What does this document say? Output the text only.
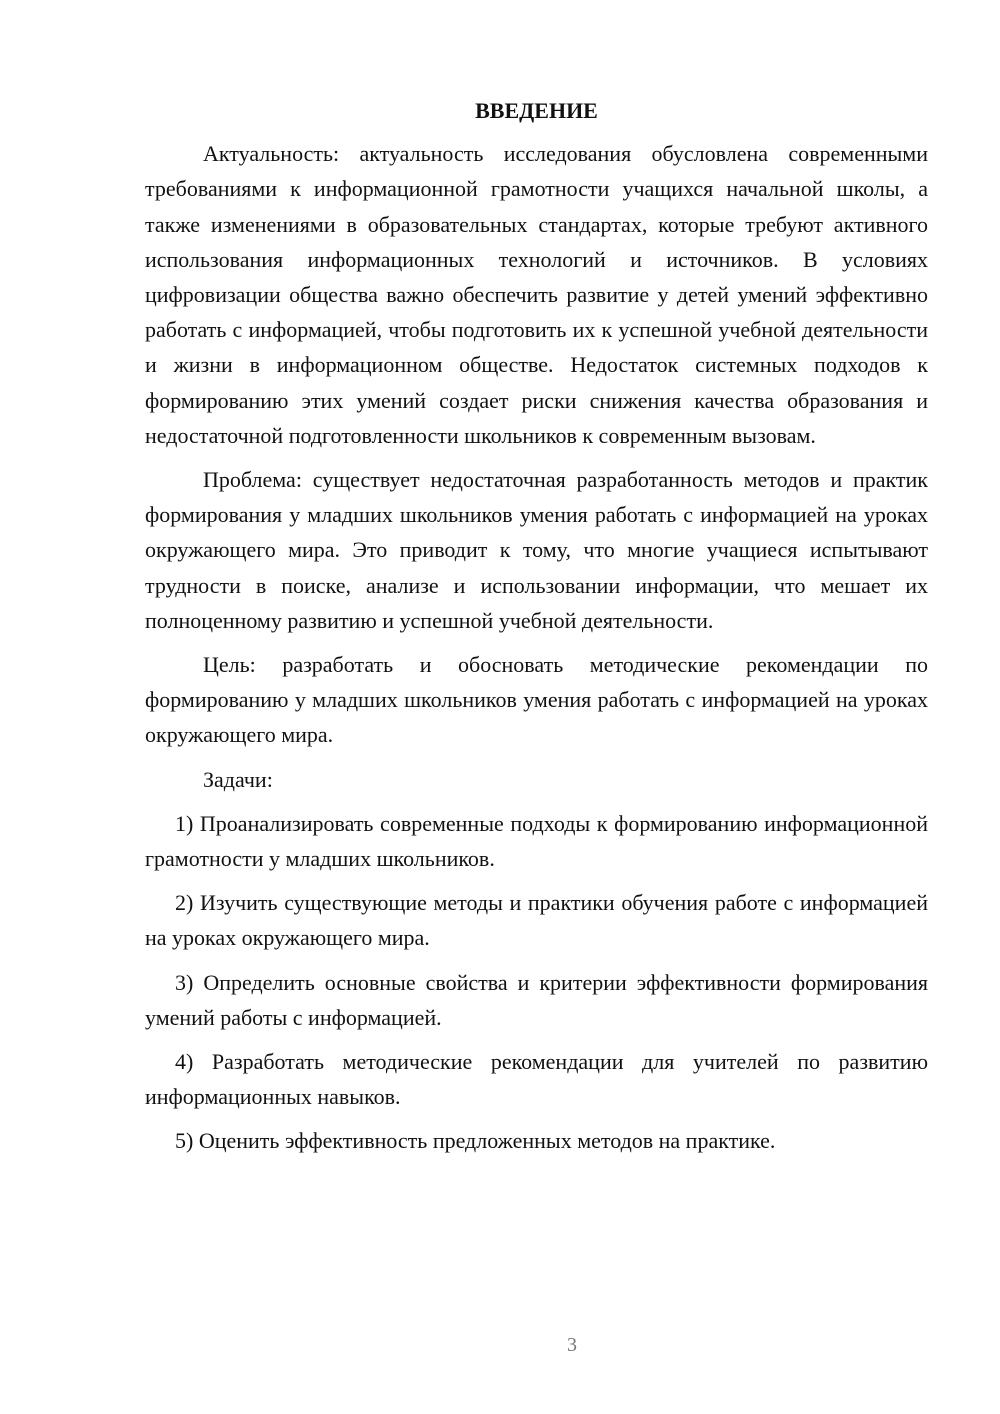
ВВЕДЕНИЕ

Актуальность: актуальность исследования обусловлена современными требованиями к информационной грамотности учащихся начальной школы, а также изменениями в образовательных стандартах, которые требуют активного использования информационных технологий и источников. В условиях цифровизации общества важно обеспечить развитие у детей умений эффективно работать с информацией, чтобы подготовить их к успешной учебной деятельности и жизни в информационном обществе. Недостаток системных подходов к формированию этих умений создает риски снижения качества образования и недостаточной подготовленности школьников к современным вызовам.

Проблема: существует недостаточная разработанность методов и практик формирования у младших школьников умения работать с информацией на уроках окружающего мира. Это приводит к тому, что многие учащиеся испытывают трудности в поиске, анализе и использовании информации, что мешает их полноценному развитию и успешной учебной деятельности.

Цель: разработать и обосновать методические рекомендации по формированию у младших школьников умения работать с информацией на уроках окружающего мира.

Задачи:

1) Проанализировать современные подходы к формированию информационной грамотности у младших школьников.

2) Изучить существующие методы и практики обучения работе с информацией на уроках окружающего мира.

3) Определить основные свойства и критерии эффективности формирования умений работы с информацией.

4) Разработать методические рекомендации для учителей по развитию информационных навыков.

5) Оценить эффективность предложенных методов на практике.

3
